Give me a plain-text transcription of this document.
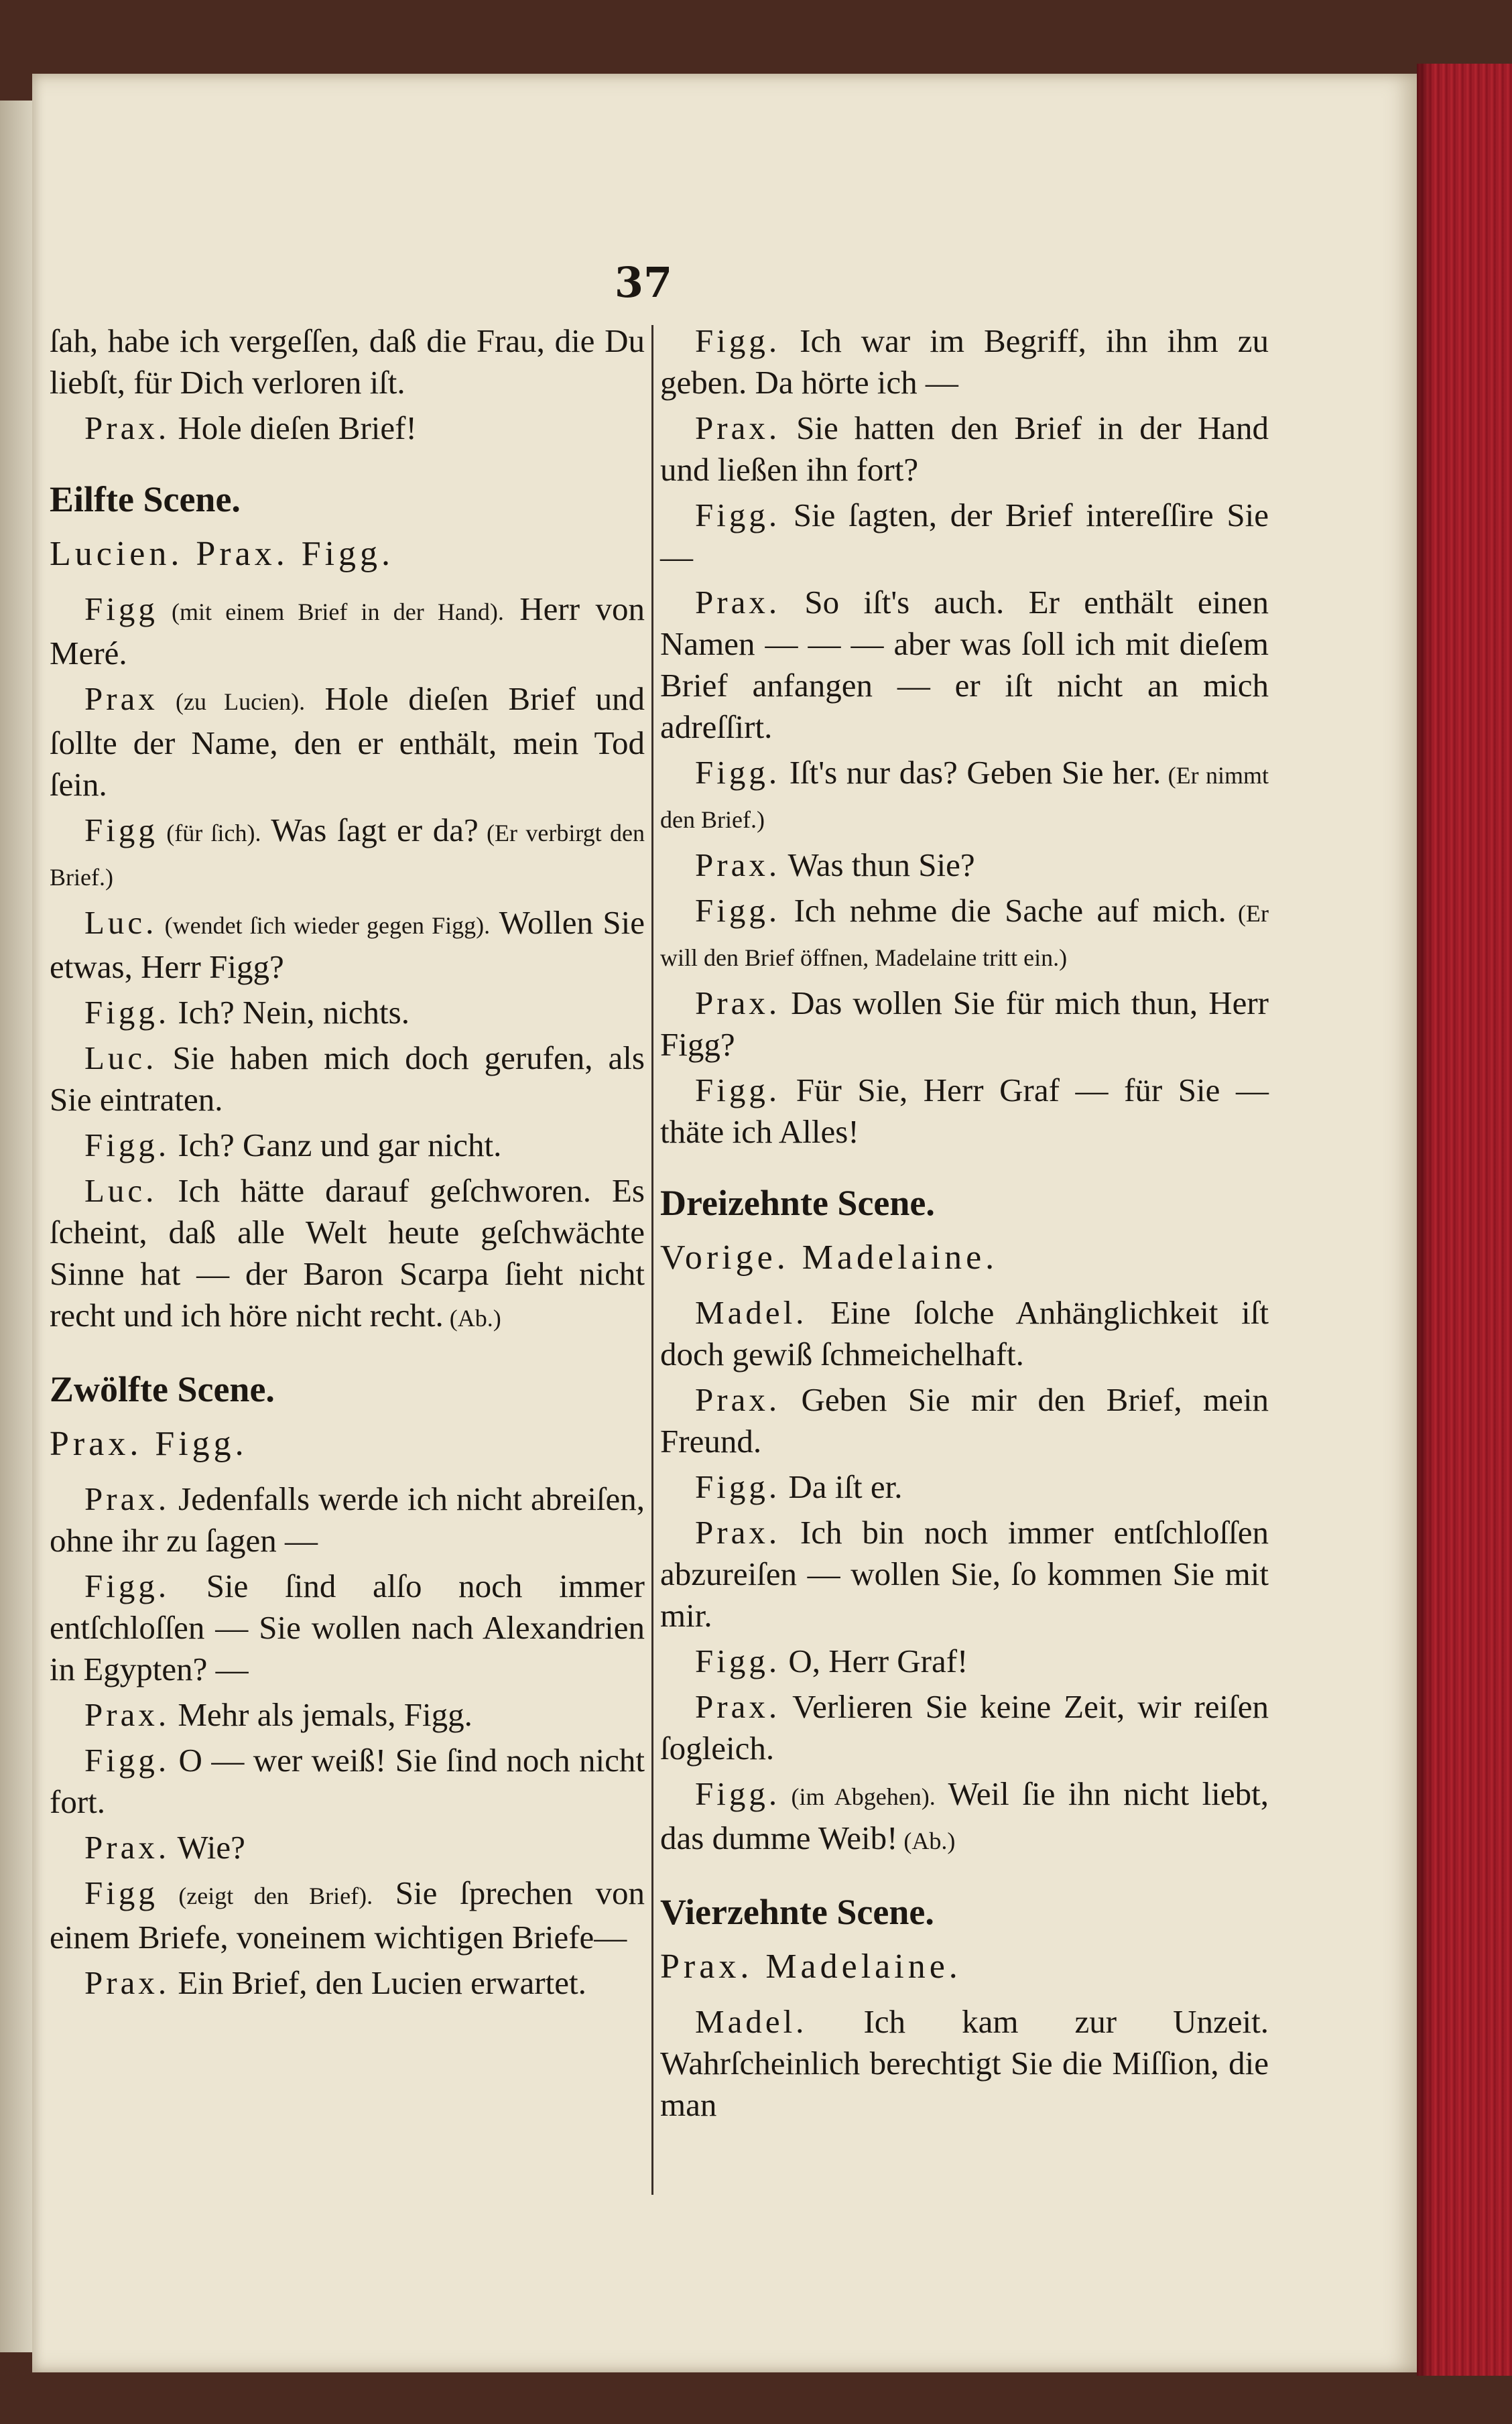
37

ſah, habe ich vergeſſen, daß die Frau, die Du liebſt, für Dich verloren iſt.

Prax. Hole dieſen Brief!

Eilfte Scene.

Lucien. Prax. Figg.

Figg (mit einem Brief in der Hand). Herr von Meré.

Prax (zu Lucien). Hole dieſen Brief und ſollte der Name, den er enthält, mein Tod ſein.

Figg (für ſich). Was ſagt er da? (Er verbirgt den Brief.)

Luc. (wendet ſich wieder gegen Figg). Wollen Sie etwas, Herr Figg?

Figg. Ich? Nein, nichts.

Luc. Sie haben mich doch gerufen, als Sie eintraten.

Figg. Ich? Ganz und gar nicht.

Luc. Ich hätte darauf geſchworen. Es ſcheint, daß alle Welt heute geſchwächte Sinne hat — der Baron Scarpa ſieht nicht recht und ich höre nicht recht. (Ab.)

Zwölfte Scene.

Prax. Figg.

Prax. Jedenfalls werde ich nicht abreiſen, ohne ihr zu ſagen —

Figg. Sie ſind alſo noch immer entſchloſſen — Sie wollen nach Alexandrien in Egypten? —

Prax. Mehr als jemals, Figg.

Figg. O — wer weiß! Sie ſind noch nicht fort.

Prax. Wie?

Figg (zeigt den Brief). Sie ſprechen von einem Briefe, voneinem wichtigen Briefe—

Prax. Ein Brief, den Lucien erwartet.

Figg. Ich war im Begriff, ihn ihm zu geben. Da hörte ich —

Prax. Sie hatten den Brief in der Hand und ließen ihn fort?

Figg. Sie ſagten, der Brief intereſſire Sie —

Prax. So iſt's auch. Er enthält einen Namen — — — aber was ſoll ich mit dieſem Brief anfangen — er iſt nicht an mich adreſſirt.

Figg. Iſt's nur das? Geben Sie her. (Er nimmt den Brief.)

Prax. Was thun Sie?

Figg. Ich nehme die Sache auf mich. (Er will den Brief öffnen, Madelaine tritt ein.)

Prax. Das wollen Sie für mich thun, Herr Figg?

Figg. Für Sie, Herr Graf — für Sie — thäte ich Alles!

Dreizehnte Scene.

Vorige. Madelaine.

Madel. Eine ſolche Anhänglichkeit iſt doch gewiß ſchmeichelhaft.

Prax. Geben Sie mir den Brief, mein Freund.

Figg. Da iſt er.

Prax. Ich bin noch immer entſchloſſen abzureiſen — wollen Sie, ſo kommen Sie mit mir.

Figg. O, Herr Graf!

Prax. Verlieren Sie keine Zeit, wir reiſen ſogleich.

Figg. (im Abgehen). Weil ſie ihn nicht liebt, das dumme Weib! (Ab.)

Vierzehnte Scene.

Prax. Madelaine.

Madel. Ich kam zur Unzeit. Wahrſcheinlich berechtigt Sie die Miſſion, die man
